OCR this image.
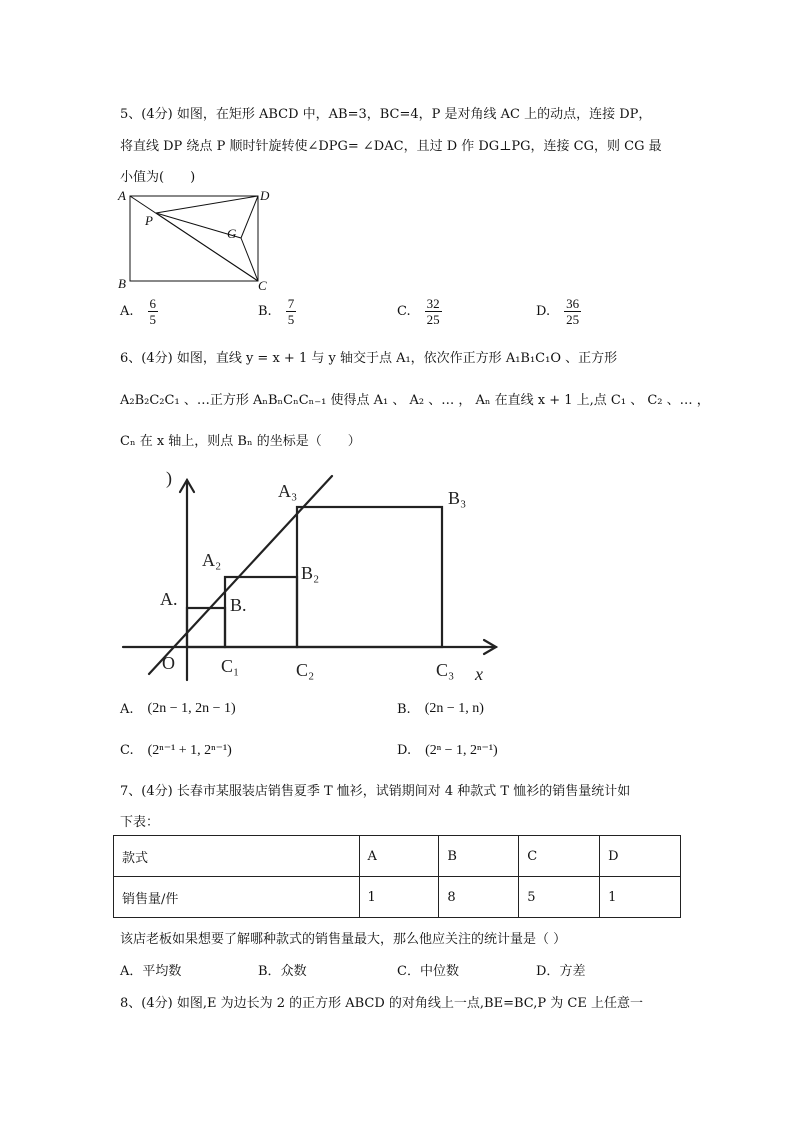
5、(4分) 如图，在矩形 ABCD 中，AB=3，BC=4，P 是对角线 AC 上的动点，连接 DP，
将直线 DP 绕点 P 顺时针旋转使∠DPG= ∠DAC，且过 D 作 DG⊥PG，连接 CG，则 CG 最
小值为(　　)
A	D
B	C
P
G
A. $\frac{6}{5}$	B. $\frac{7}{5}$	C. $\frac{32}{25}$	D. $\frac{36}{25}$
6、(4分) 如图，直线 y = x + 1 与 y 轴交于点 A₁，依次作正方形 A₁B₁C₁O 、正方形
A₂B₂C₂C₁ 、…正方形 AₙBₙCₙCₙ₋₁ 使得点 A₁ 、 A₂ 、… ， Aₙ 在直线 x + 1 上,点 C₁ 、 C₂ 、… ，
Cₙ 在 x 轴上，则点 Bₙ 的坐标是（　　）
)
x
O
A.	B.
A₂
B₂
A₃	B₃
C₁	C₂	C₃
A. (2n − 1, 2n − 1)	B. (2n − 1, n)
C. (2ⁿ⁻¹ + 1, 2ⁿ⁻¹)	D. (2ⁿ − 1, 2ⁿ⁻¹)
7、(4分) 长春市某服装店销售夏季 T 恤衫，试销期间对 4 种款式 T 恤衫的销售量统计如
下表：
款式	A	B	C	D
销售量/件	1	8	5	1
该店老板如果想要了解哪种款式的销售量最大，那么他应关注的统计量是（ ）
A． 平均数	B． 众数	C． 中位数	D． 方差
8、(4分) 如图,E 为边长为 2 的正方形 ABCD 的对角线上一点,BE=BC,P 为 CE 上任意一
